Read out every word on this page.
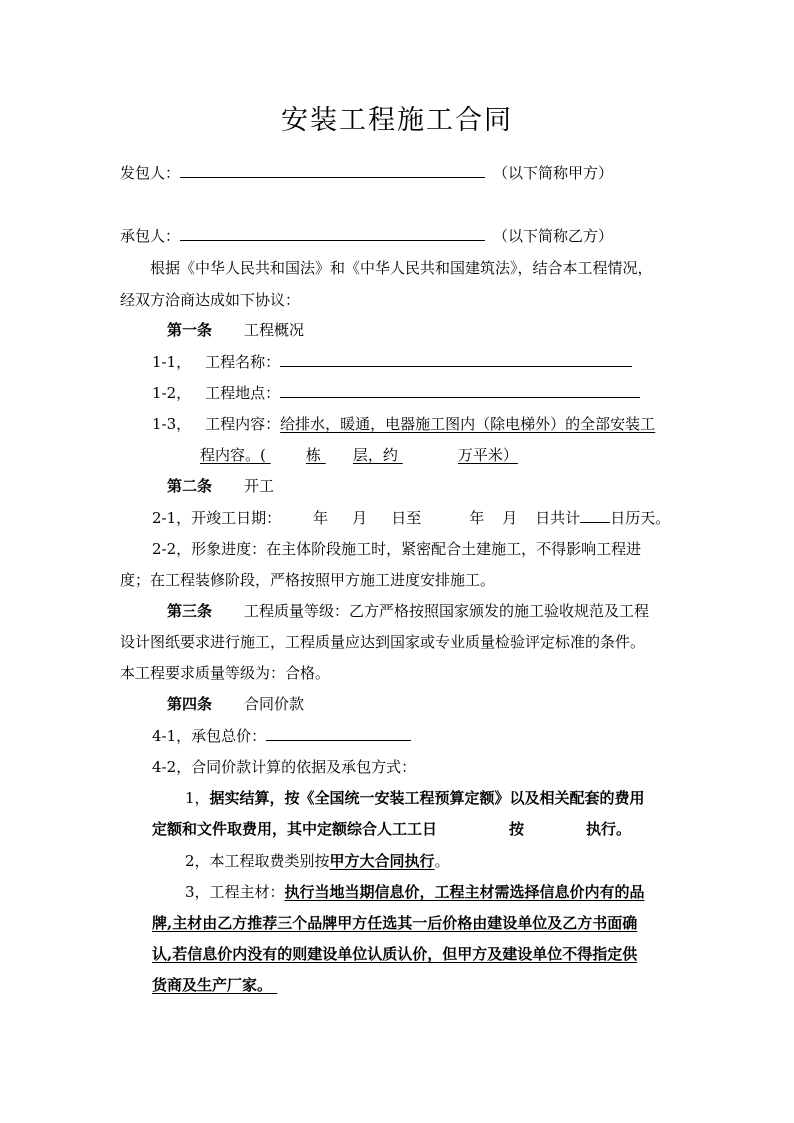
安装工程施工合同
发包人：	（以下简称甲方）
承包人：	（以下简称乙方）
根据《中华人民共和国法》和《中华人民共和国建筑法》，结合本工程情况，
经双方洽商达成如下协议：
第一条 工程概况
1-1， 工程名称：
1-2， 工程地点：
1-3， 工程内容：给排水，暖通，电器施工图内（除电梯外）的全部安装工
程内容。(	栋 层，约	万平米）
第二条 开工
2-1，开竣工日期： 年 月 日至	年 月 日共计 日历天。
2-2，形象进度：在主体阶段施工时，紧密配合土建施工，不得影响工程进
度；在工程装修阶段，严格按照甲方施工进度安排施工。
第三条 工程质量等级：乙方严格按照国家颁发的施工验收规范及工程
设计图纸要求进行施工，工程质量应达到国家或专业质量检验评定标准的条件。
本工程要求质量等级为：合格。
第四条 合同价款
4-1，承包总价：
4-2，合同价款计算的依据及承包方式：
1，据实结算，按《全国统一安装工程预算定额》以及相关配套的费用
定额和文件取费用，其中定额综合人工工日	按	执行。
2，本工程取费类别按甲方大合同执行。
3，工程主材：执行当地当期信息价，工程主材需选择信息价内有的品
牌,主材由乙方推荐三个品牌甲方任选其一后价格由建设单位及乙方书面确
认,若信息价内没有的则建设单位认质认价，但甲方及建设单位不得指定供
货商及生产厂家。
